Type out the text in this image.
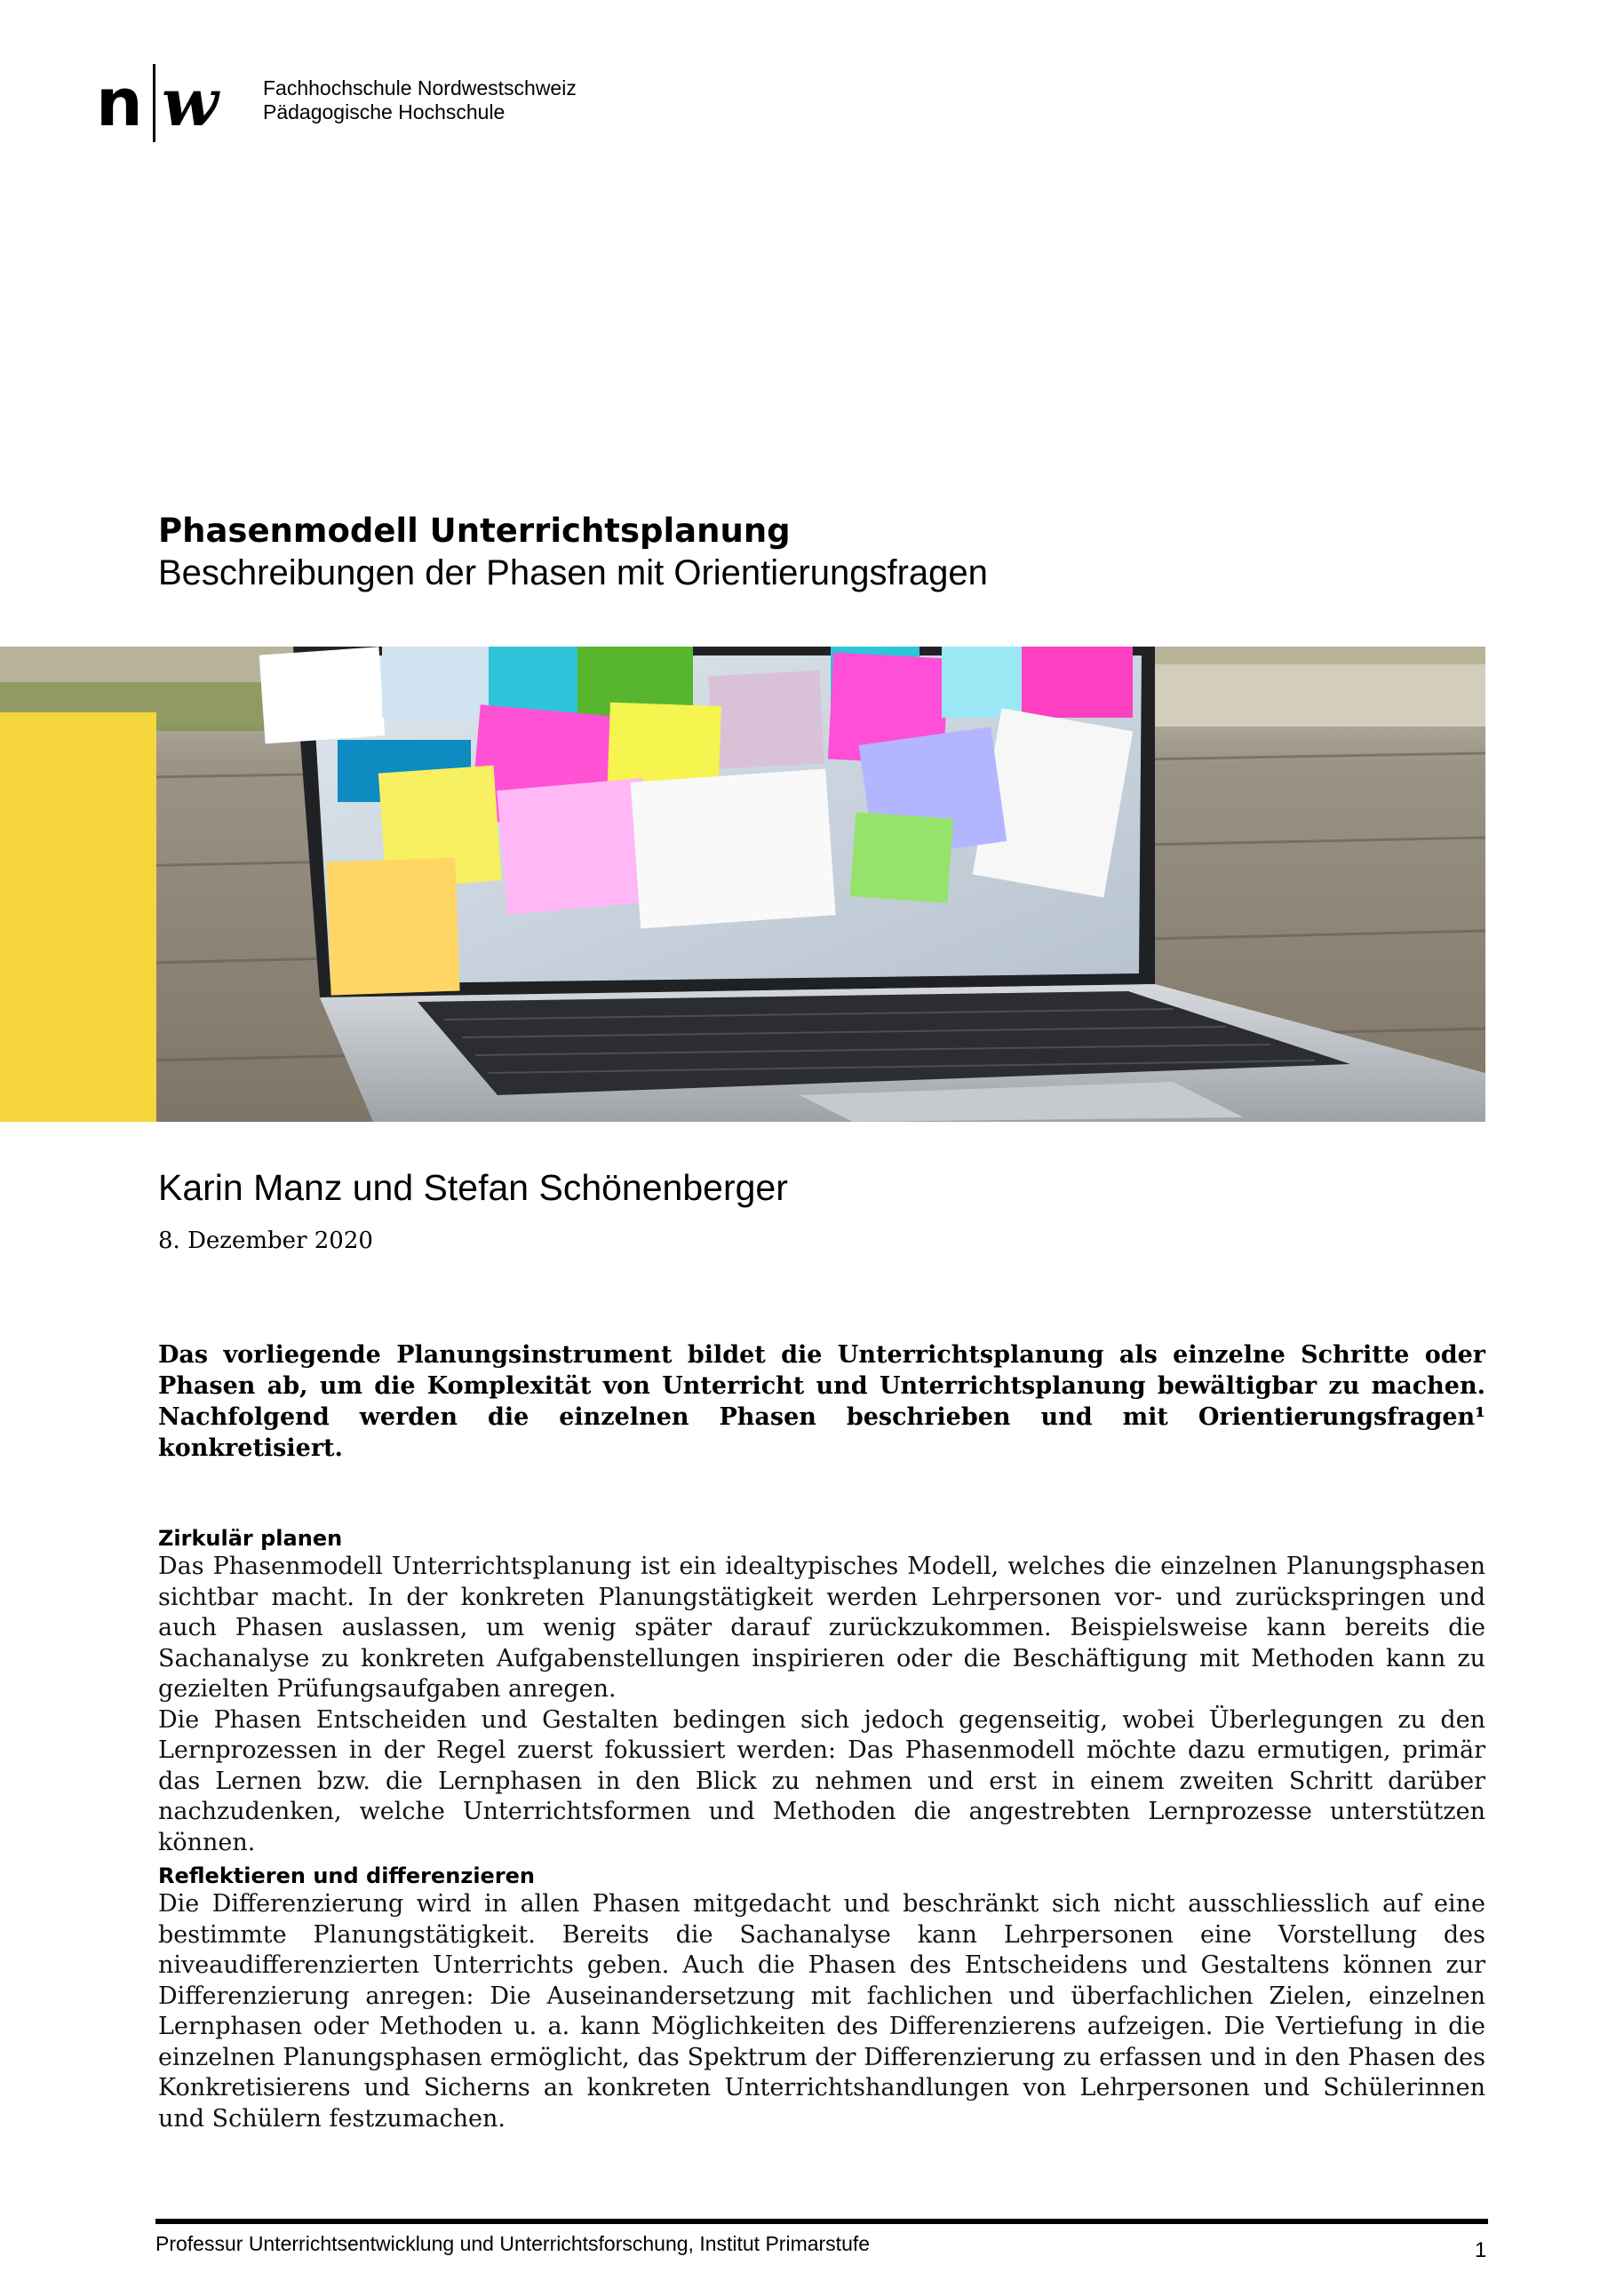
n w Fachhochschule Nordwestschweiz
Pädagogische Hochschule
Phasenmodell Unterrichtsplanung
Beschreibungen der Phasen mit Orientierungsfragen
Karin Manz und Stefan Schönenberger
8. Dezember 2020
Das vorliegende Planungsinstrument bildet die Unterrichtsplanung als einzelne Schritte oder Phasen ab, um die Komplexität von Unterricht und Unterrichtsplanung bewältigbar zu machen. Nachfolgend werden die einzelnen Phasen beschrieben und mit Orientierungsfragen¹ konkretisiert.
Zirkulär planen

Das Phasenmodell Unterrichtsplanung ist ein idealtypisches Modell, welches die einzelnen Planungsphasen sichtbar macht. In der konkreten Planungstätigkeit werden Lehrpersonen vor- und zurückspringen und auch Phasen auslassen, um wenig später darauf zurückzukommen. Beispielsweise kann bereits die Sachanalyse zu konkreten Aufgabenstellungen inspirieren oder die Beschäftigung mit Methoden kann zu gezielten Prüfungsaufgaben anregen.

Die Phasen Entscheiden und Gestalten bedingen sich jedoch gegenseitig, wobei Überlegungen zu den Lernprozessen in der Regel zuerst fokussiert werden: Das Phasenmodell möchte dazu ermutigen, primär das Lernen bzw. die Lernphasen in den Blick zu nehmen und erst in einem zweiten Schritt darüber nachzudenken, welche Unterrichtsformen und Methoden die angestrebten Lernprozesse unterstützen können.

Reflektieren und differenzieren

Die Differenzierung wird in allen Phasen mitgedacht und beschränkt sich nicht ausschliesslich auf eine bestimmte Planungstätigkeit. Bereits die Sachanalyse kann Lehrpersonen eine Vorstellung des niveaudifferenzierten Unterrichts geben. Auch die Phasen des Entscheidens und Gestaltens können zur Differenzierung anregen: Die Auseinandersetzung mit fachlichen und überfachlichen Zielen, einzelnen Lernphasen oder Methoden u. a. kann Möglichkeiten des Differenzierens aufzeigen. Die Vertiefung in die einzelnen Planungsphasen ermöglicht, das Spektrum der Differenzierung zu erfassen und in den Phasen des Konkretisierens und Sicherns an konkreten Unterrichtshandlungen von Lehrpersonen und Schülerinnen und Schülern festzumachen.

Professur Unterrichtsentwicklung und Unterrichtsforschung, Institut Primarstufe	1
